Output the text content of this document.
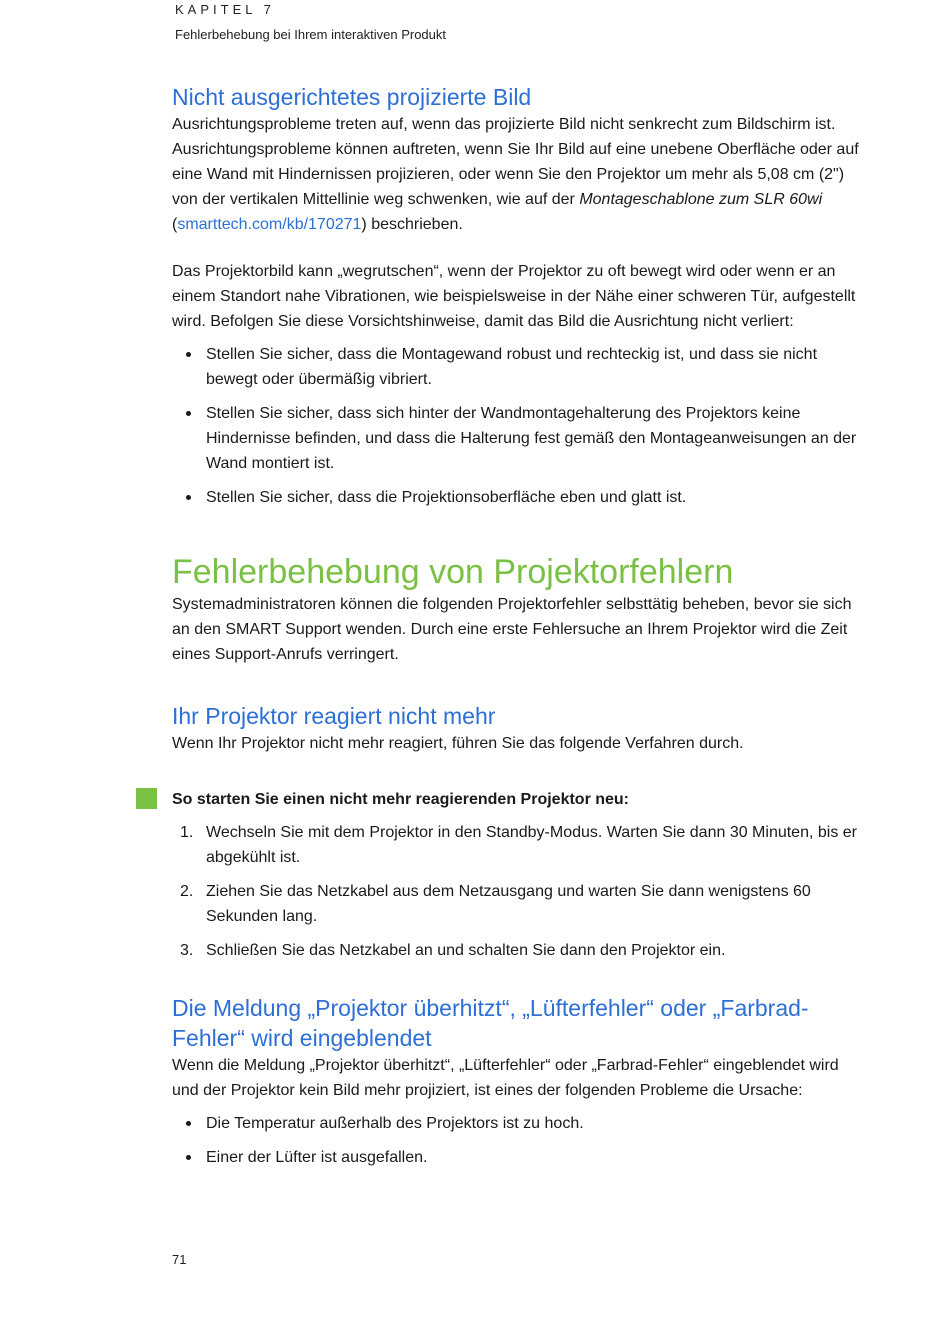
KAPITEL 7
Fehlerbehebung bei Ihrem interaktiven Produkt
Nicht ausgerichtetes projizierte Bild

Ausrichtungsprobleme treten auf, wenn das projizierte Bild nicht senkrecht zum Bildschirm ist. Ausrichtungsprobleme können auftreten, wenn Sie Ihr Bild auf eine unebene Oberfläche oder auf eine Wand mit Hindernissen projizieren, oder wenn Sie den Projektor um mehr als 5,08 cm (2") von der vertikalen Mittellinie weg schwenken, wie auf der Montageschablone zum SLR 60wi (smarttech.com/kb/170271) beschrieben.

Das Projektorbild kann „wegrutschen“, wenn der Projektor zu oft bewegt wird oder wenn er an einem Standort nahe Vibrationen, wie beispielsweise in der Nähe einer schweren Tür, aufgestellt wird. Befolgen Sie diese Vorsichtshinweise, damit das Bild die Ausrichtung nicht verliert:

Stellen Sie sicher, dass die Montagewand robust und rechteckig ist, und dass sie nicht bewegt oder übermäßig vibriert.
Stellen Sie sicher, dass sich hinter der Wandmontagehalterung des Projektors keine Hindernisse befinden, und dass die Halterung fest gemäß den Montageanweisungen an der Wand montiert ist.
Stellen Sie sicher, dass die Projektionsoberfläche eben und glatt ist.
Fehlerbehebung von Projektorfehlern

Systemadministratoren können die folgenden Projektorfehler selbsttätig beheben, bevor sie sich an den SMART Support wenden. Durch eine erste Fehlersuche an Ihrem Projektor wird die Zeit eines Support-Anrufs verringert.

Ihr Projektor reagiert nicht mehr

Wenn Ihr Projektor nicht mehr reagiert, führen Sie das folgende Verfahren durch.

So starten Sie einen nicht mehr reagierenden Projektor neu:
1. Wechseln Sie mit dem Projektor in den Standby-Modus. Warten Sie dann 30 Minuten, bis er abgekühlt ist.
2. Ziehen Sie das Netzkabel aus dem Netzausgang und warten Sie dann wenigstens 60 Sekunden lang.
3. Schließen Sie das Netzkabel an und schalten Sie dann den Projektor ein.
Die Meldung „Projektor überhitzt“, „Lüfterfehler“ oder „Farbrad-Fehler“ wird eingeblendet

Wenn die Meldung „Projektor überhitzt“, „Lüfterfehler“ oder „Farbrad-Fehler“ eingeblendet wird und der Projektor kein Bild mehr projiziert, ist eines der folgenden Probleme die Ursache:

Die Temperatur außerhalb des Projektors ist zu hoch.
Einer der Lüfter ist ausgefallen.
71
